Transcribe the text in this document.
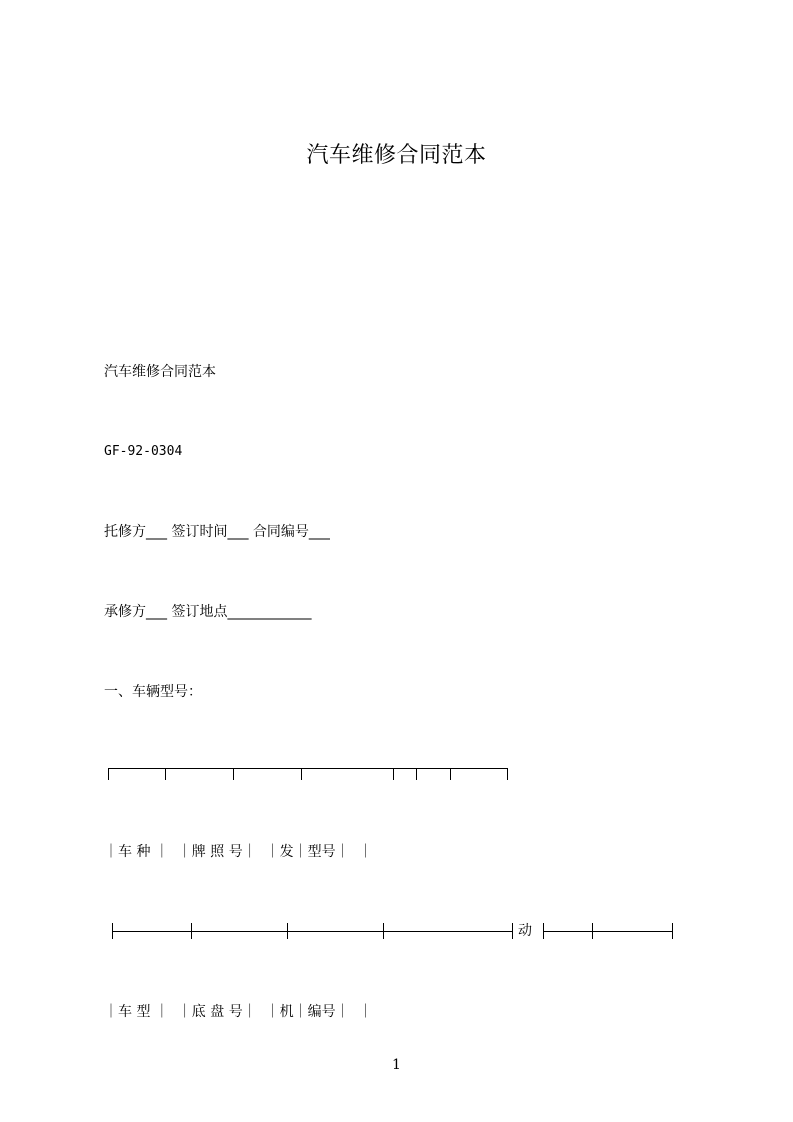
汽车维修合同范本
汽车维修合同范本
GF-92-0304
托修方___ 签订时间___ 合同编号___
承修方___ 签订地点____________
一、车辆型号：
｜车 种 ｜  ｜牌 照 号｜  ｜发｜型号｜  ｜
动
｜车 型 ｜  ｜底 盘 号｜  ｜机｜编号｜  ｜
1
